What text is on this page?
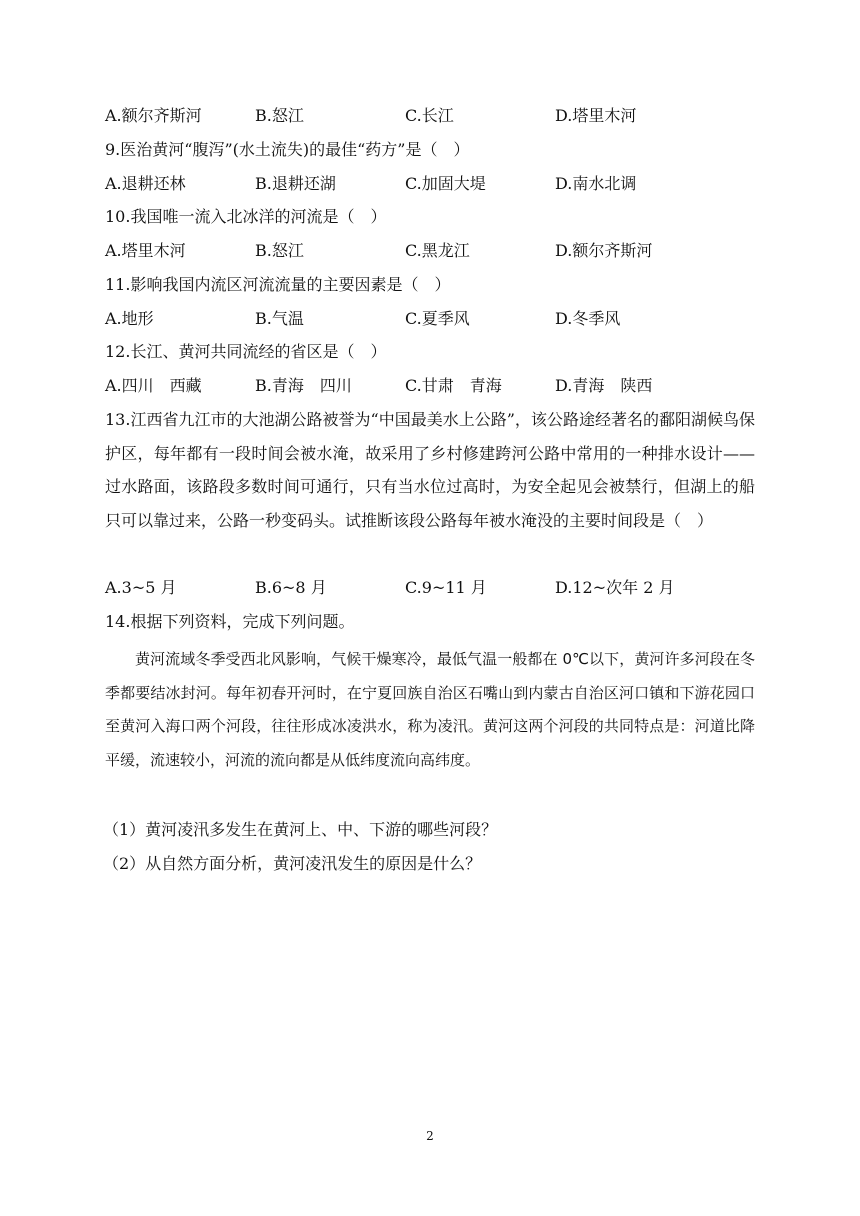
A.额尔齐斯河	B.怒江	C.长江	D.塔里木河
9.医治黄河“腹泻”(水土流失)的最佳“药方”是（　）
A.退耕还林	B.退耕还湖	C.加固大堤	D.南水北调
10.我国唯一流入北冰洋的河流是（　）
A.塔里木河	B.怒江	C.黑龙江	D.额尔齐斯河
11.影响我国内流区河流流量的主要因素是（　）
A.地形	B.气温	C.夏季风	D.冬季风
12.长江、黄河共同流经的省区是（　）
A.四川　西藏	B.青海　四川	C.甘肃　青海	D.青海　陕西
13.江西省九江市的大池湖公路被誉为“中国最美水上公路”，该公路途经著名的鄱阳湖候鸟保护区，每年都有一段时间会被水淹，故采用了乡村修建跨河公路中常用的一种排水设计——过水路面，该路段多数时间可通行，只有当水位过高时，为安全起见会被禁行，但湖上的船只可以靠过来，公路一秒变码头。试推断该段公路每年被水淹没的主要时间段是（　）
A.3~5 月	B.6~8 月	C.9~11 月	D.12~次年 2 月
14.根据下列资料，完成下列问题。
黄河流域冬季受西北风影响，气候干燥寒冷，最低气温一般都在 0℃以下，黄河许多河段在冬季都要结冰封河。每年初春开河时，在宁夏回族自治区石嘴山到内蒙古自治区河口镇和下游花园口至黄河入海口两个河段，往往形成冰凌洪水，称为凌汛。黄河这两个河段的共同特点是：河道比降平缓，流速较小，河流的流向都是从低纬度流向高纬度。
（1）黄河凌汛多发生在黄河上、中、下游的哪些河段？
（2）从自然方面分析，黄河凌汛发生的原因是什么？
2
